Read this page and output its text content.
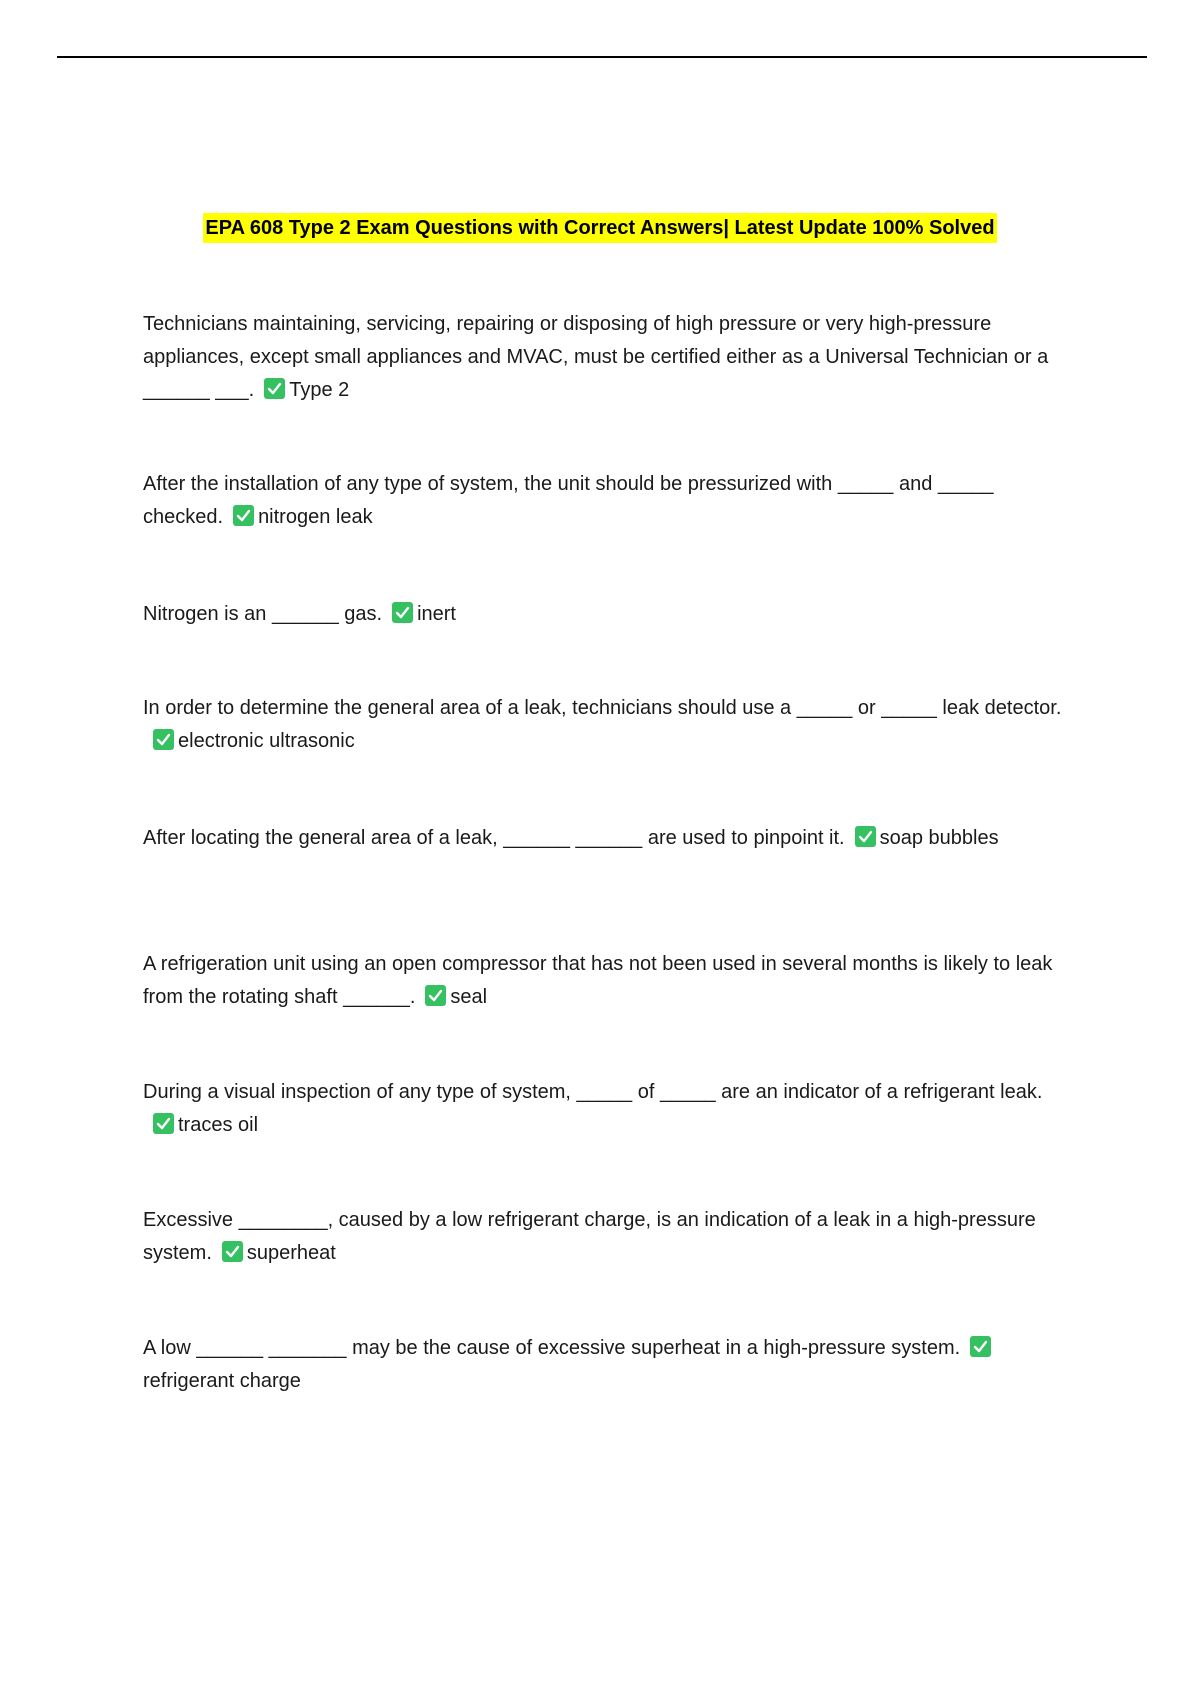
EPA 608 Type 2 Exam Questions with Correct Answers| Latest Update 100% Solved
Technicians maintaining, servicing, repairing or disposing of high pressure or very high-pressure appliances, except small appliances and MVAC, must be certified either as a Universal Technician or a ______ ___. Type 2
After the installation of any type of system, the unit should be pressurized with _____ and _____ checked. nitrogen leak
Nitrogen is an ______ gas. inert
In order to determine the general area of a leak, technicians should use a _____ or _____ leak detector.
electronic ultrasonic
After locating the general area of a leak, ______ ______ are used to pinpoint it. soap bubbles
A refrigeration unit using an open compressor that has not been used in several months is likely to leak from the rotating shaft ______. seal
During a visual inspection of any type of system, _____ of _____ are an indicator of a refrigerant leak.
traces oil
Excessive ________, caused by a low refrigerant charge, is an indication of a leak in a high-pressure system. superheat
A low ______ _______ may be the cause of excessive superheat in a high-pressure system.
refrigerant charge
